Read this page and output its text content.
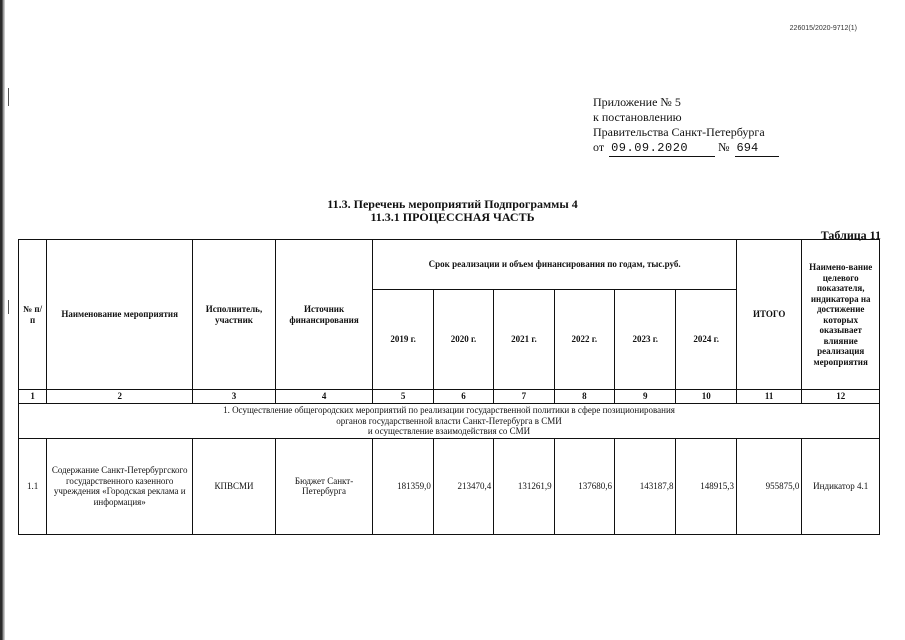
226015/2020-9712(1)
Приложение № 5
к постановлению
Правительства Санкт-Петербурга
от 09.09.2020 № 694
11.3. Перечень мероприятий Подпрограммы 4
11.3.1 ПРОЦЕССНАЯ ЧАСТЬ
Таблица 11
№ п/п	Наименование мероприятия	Исполнитель, участник	Источник финансирования	Срок реализации и объем финансирования по годам, тыс.руб.						ИТОГО	Наимено-вание целевого показателя, индикатора на достижение которых оказывает влияние реализация мероприятия
				2019 г.	2020 г.	2021 г.	2022 г.	2023 г.	2024 г.		
1	2	3	4	5	6	7	8	9	10	11	12

1. Осуществление общегородских мероприятий по реализации государственной политики в сфере позиционирования
органов государственной власти Санкт-Петербурга в СМИ
и осуществление взаимодействия со СМИ											

1.1	Содержание Санкт-Петербургского государственного казенного учреждения «Городская реклама и информация»	КПВСМИ	Бюджет Санкт-Петербурга	181359,0	213470,4	131261,9	137680,6	143187,8	148915,3	955875,0	Индикатор 4.1
